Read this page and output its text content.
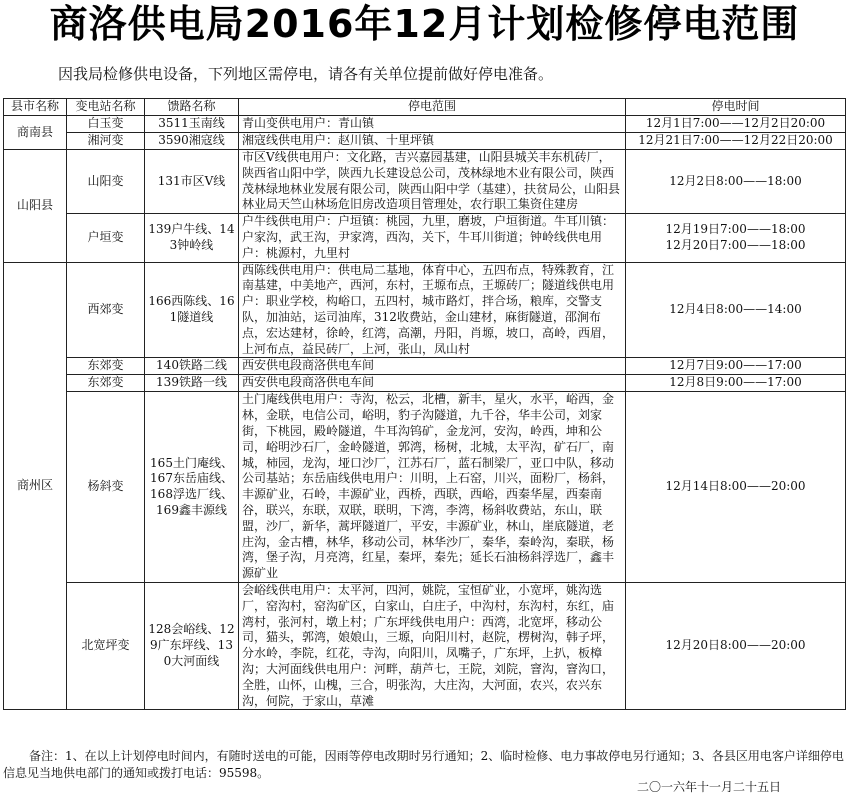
商洛供电局2016年12月计划检修停电范围
因我局检修供电设备，下列地区需停电，请各有关单位提前做好停电准备。
县市名称	变电站名称	馈路名称	停电范围	停电时间
商南县	白玉变	3511玉南线	青山变供电用户：青山镇	12月1日7:00——12月2日20:00
	湘河变	3590湘寇线	湘寇线供电用户：赵川镇、十里坪镇	12月21日7:00——12月22日20:00
山阳县	山阳变	131市区V线	市区V线供电用户：文化路，吉兴嘉园基建，山阳县城关丰东机砖厂，陕西省山阳中学，陕西九长建设总公司，茂林绿地木业有限公司，陕西茂林绿地林业发展有限公司，陕西山阳中学（基建），扶贫局公，山阳县林业局天竺山林场危旧房改造项目管理处，农行职工集资住建房	12月2日8:00——18:00
	户垣变	139户牛线、143钟岭线	户牛线供电用户：户垣镇：桃园，九里，磨坡，户垣街道。牛耳川镇：户家沟，武王沟，尹家湾，西沟，关下，牛耳川街道；钟岭线供电用户：桃源村，九里村	12月19日7:00——18:00
12月20日7:00——18:00
商州区	西郊变	166西陈线、161隧道线	西陈线供电用户：供电局二基地，体育中心，五四布点，特殊教育，江南基建，中美地产，西河，东村，王塬布点，王塬砖厂；隧道线供电用户：职业学校，构峪口，五四村，城市路灯，拌合场，粮库，交警支队，加油站，运司油库，312收费站，金山建材，麻街隧道，邵涧布点，宏达建材，徐岭，红湾，高潮，丹阳，肖塬，坡口，高岭，西眉，上河布点，益民砖厂，上河，张山，凤山村	12月4日8:00——14:00
	东郊变	140铁路二线	西安供电段商洛供电车间	12月7日9:00——17:00
	东郊变	139铁路一线	西安供电段商洛供电车间	12月8日9:00——17:00
	杨斜变	165土门庵线、167东岳庙线、168浮选厂线、169鑫丰源线	土门庵线供电用户：寺沟，松云，北槽，新丰，星火，水平，峪西，金林，金联，电信公司，峪明，豹子沟隧道，九千谷，华丰公司，刘家街，下桃园，殿岭隧道，牛耳沟钨矿，金龙河，安沟，岭西，坤和公司，峪明沙石厂，金岭隧道，郭湾，杨树，北城，太平沟，矿石厂，南城，柿园，龙沟，垭口沙厂，江苏石厂，蓝石制梁厂，亚口中队，移动公司基站；东岳庙线供电用户：川明，上石窑，川兴，面粉厂，杨斜，丰源矿业，石岭，丰源矿业，西桥，西联，西峪，西秦华屋，西秦南谷，联兴，东联，双联，联明，下湾，李湾，杨斜收费站，东山，联盟，沙厂，新华，蒿坪隧道厂，平安，丰源矿业，林山，崖底隧道，老庄沟，金古槽，林华，移动公司，林华沙厂，秦华，秦岭沟，秦联，杨湾，堡子沟，月亮湾，红星，秦坪，秦先；延长石油杨斜浮选厂，鑫丰源矿业	12月14日8:00——20:00
	北宽坪变	128会峪线、129广东坪线、130大河面线	会峪线供电用户：太平河，四河，姚院，宝恒矿业，小宽坪，姚沟选厂，窑沟村，窑沟矿区，白家山，白庄子，中沟村，东沟村，东红，庙湾村，张河村，墩上村；广东坪线供电用户：西湾，北宽坪，移动公司，猫头，郭湾，娘娘山，三塬，向阳川村，赵院，楞树沟，韩子坪，分水岭，李院，红花，寺沟，向阳川，凤嘴子，广东坪，上扒，板樟沟；大河面线供电用户：河畔，葫芦七，王院，刘院，窨沟，窨沟口，全胜，山怀，山槐，三合，明张沟，大庄沟，大河面，农兴，农兴东沟，何院，于家山，草滩	12月20日8:00——20:00
备注：1、在以上计划停电时间内，有随时送电的可能，因雨等停电改期时另行通知；2、临时检修、电力事故停电另行通知；3、各县区用电客户详细停电信息见当地供电部门的通知或拨打电话：95598。
二〇一六年十一月二十五日
